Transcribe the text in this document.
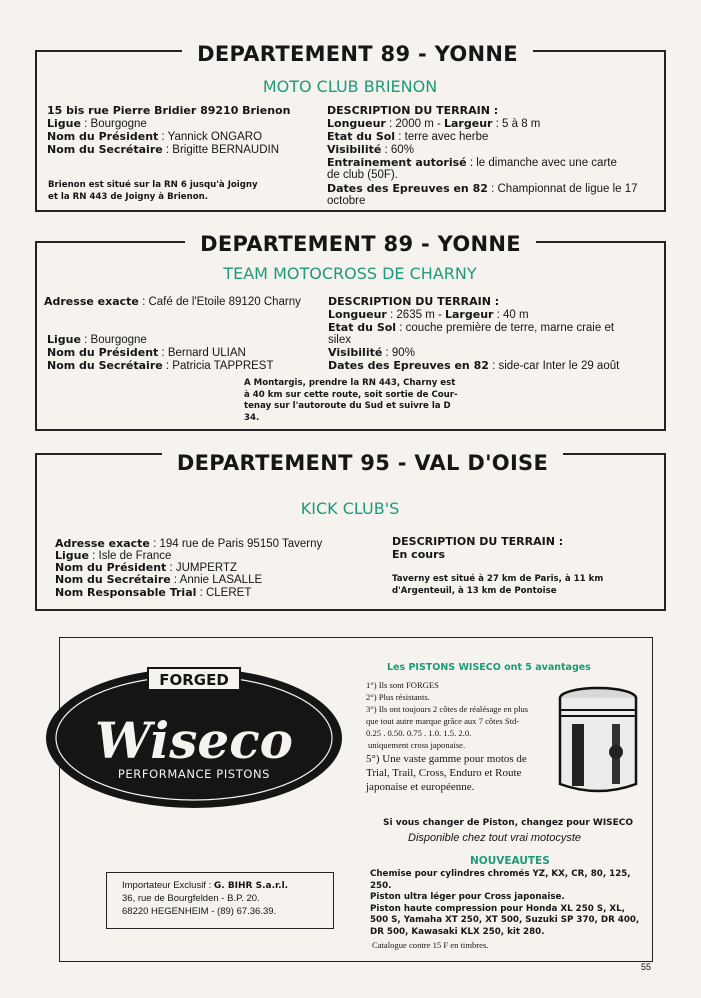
DEPARTEMENT 89 - YONNE
MOTO CLUB BRIENON
15 bis rue Pierre Bridier 89210 Brienon
Ligue : Bourgogne
Nom du Président : Yannick ONGARO
Nom du Secrétaire : Brigitte BERNAUDIN
Brienon est situé sur la RN 6 jusqu'à Joigny
et la RN 443 de Joigny à Brienon.
DESCRIPTION DU TERRAIN :
Longueur : 2000 m - Largeur : 5 à 8 m
Etat du Sol : terre avec herbe
Visibilité : 60%
Entrainement autorisé : le dimanche avec une carte
de club (50F).
Dates des Epreuves en 82 : Championnat de ligue le 17
octobre
DEPARTEMENT 89 - YONNE
TEAM MOTOCROSS DE CHARNY
Adresse exacte : Café de l'Etoile 89120 Charny
Ligue : Bourgogne
Nom du Président : Bernard ULIAN
Nom du Secrétaire : Patricia TAPPREST
DESCRIPTION DU TERRAIN :
Longueur : 2635 m - Largeur : 40 m
Etat du Sol : couche première de terre, marne craie et
silex
Visibilité : 90%
Dates des Epreuves en 82 : side-car Inter le 29 août
A Montargis, prendre la RN 443, Charny est
à 40 km sur cette route, soit sortie de Cour-
tenay sur l'autoroute du Sud et suivre la D
34.
DEPARTEMENT 95 - VAL D'OISE
KICK CLUB'S
Adresse exacte : 194 rue de Paris 95150 Taverny
Ligue : Isle de France
Nom du Président : JUMPERTZ
Nom du Secrétaire : Annie LASALLE
Nom Responsable Trial : CLERET
DESCRIPTION DU TERRAIN :
En cours
Taverny est situé à 27 km de Paris, à 11 km
d'Argenteuil, à 13 km de Pontoise
FORGED
Wiseco
PERFORMANCE PISTONS
Les PISTONS WISECO ont 5 avantages
1°) Ils sont FORGES
2°) Plus résistants.
3°) Ils ont toujours 2 côtes de réalésage en plus
que tout autre marque grâce aux 7 côtes Std-
0.25 . 0.50. 0.75 . 1.0. 1.5. 2.0.
uniquement cross japonaise.
5°) Une vaste gamme pour motos de
Trial, Trail, Cross, Enduro et Route
japonaise et européenne.
Si vous changer de Piston, changez pour WISECO
Disponible chez tout vrai motocyste
NOUVEAUTES
Chemise pour cylindres chromés YZ, KX, CR, 80, 125,
250.
Piston ultra léger pour Cross japonaise.
Piston haute compression pour Honda XL 250 S, XL,
500 S, Yamaha XT 250, XT 500, Suzuki SP 370, DR 400,
DR 500, Kawasaki KLX 250, kit 280.
Catalogue contre 15 F en timbres.
Importateur Exclusif : G. BIHR S.a.r.l.
36, rue de Bourgfelden - B.P. 20.
68220 HEGENHEIM - (89) 67.36.39.
55
